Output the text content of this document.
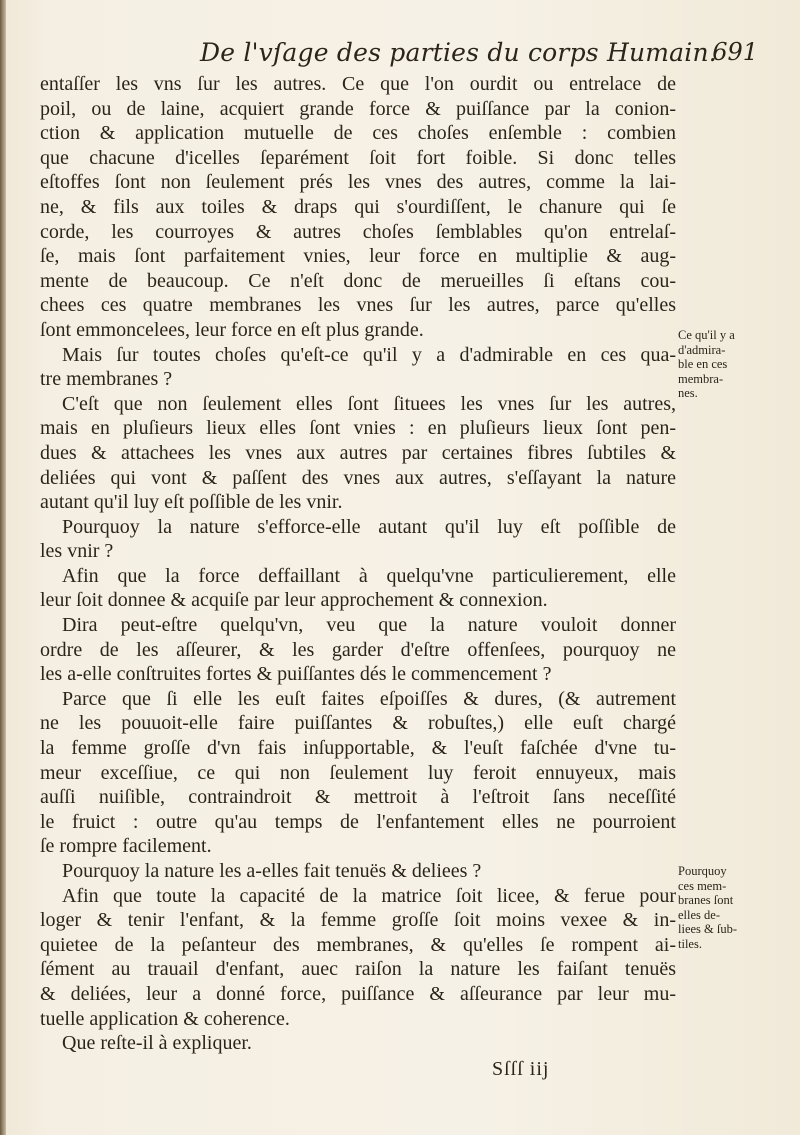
De l'vſage des parties du corps Humain.
691
entaſſer les vns ſur les autres. Ce que l'on ourdit ou entrelace de
poil, ou de laine, acquiert grande force & puiſſance par la conion-
ction & application mutuelle de ces choſes enſemble : combien
que chacune d'icelles ſeparément ſoit fort foible. Si donc telles
eſtoffes ſont non ſeulement prés les vnes des autres, comme la lai-
ne, & fils aux toiles & draps qui s'ourdiſſent, le chanure qui ſe
corde, les courroyes & autres choſes ſemblables qu'on entrelaſ-
ſe, mais ſont parfaitement vnies, leur force en multiplie & aug-
mente de beaucoup. Ce n'eſt donc de merueilles ſi eſtans cou-
chees ces quatre membranes les vnes ſur les autres, parce qu'elles
ſont emmoncelees, leur force en eſt plus grande.
Mais ſur toutes choſes qu'eſt-ce qu'il y a d'admirable en ces qua-
tre membranes ?
C'eſt que non ſeulement elles ſont ſituees les vnes ſur les autres,
mais en pluſieurs lieux elles ſont vnies : en pluſieurs lieux ſont pen-
dues & attachees les vnes aux autres par certaines fibres ſubtiles &
deliées qui vont & paſſent des vnes aux autres, s'eſſayant la nature
autant qu'il luy eſt poſſible de les vnir.
Pourquoy la nature s'efforce-elle autant qu'il luy eſt poſſible de
les vnir ?
Afin que la force deffaillant à quelqu'vne particulierement, elle
leur ſoit donnee & acquiſe par leur approchement & connexion.
Dira peut-eſtre quelqu'vn, veu que la nature vouloit donner
ordre de les aſſeurer, & les garder d'eſtre offenſees, pourquoy ne
les a-elle conſtruites fortes & puiſſantes dés le commencement ?
Parce que ſi elle les euſt faites eſpoiſſes & dures, (& autrement
ne les pouuoit-elle faire puiſſantes & robuſtes,) elle euſt chargé
la femme groſſe d'vn fais inſupportable, & l'euſt faſchée d'vne tu-
meur exceſſiue, ce qui non ſeulement luy feroit ennuyeux, mais
auſſi nuiſible, contraindroit & mettroit à l'eſtroit ſans neceſſité
le fruict : outre qu'au temps de l'enfantement elles ne pourroient
ſe rompre facilement.
Pourquoy la nature les a-elles fait tenuës & deliees ?
Afin que toute la capacité de la matrice ſoit licee, & ferue pour
loger & tenir l'enfant, & la femme groſſe ſoit moins vexee & in-
quietee de la peſanteur des membranes, & qu'elles ſe rompent ai-
ſément au trauail d'enfant, auec raiſon la nature les faiſant tenuës
& deliées, leur a donné force, puiſſance & aſſeurance par leur mu-
tuelle application & coherence.
Que reſte-il à expliquer.
Ce qu'il y a
d'admira-
ble en ces
membra-
nes.
Pourquoy
ces mem-
branes ſont
elles de-
liees & ſub-
tiles.
Sſſſ iij
